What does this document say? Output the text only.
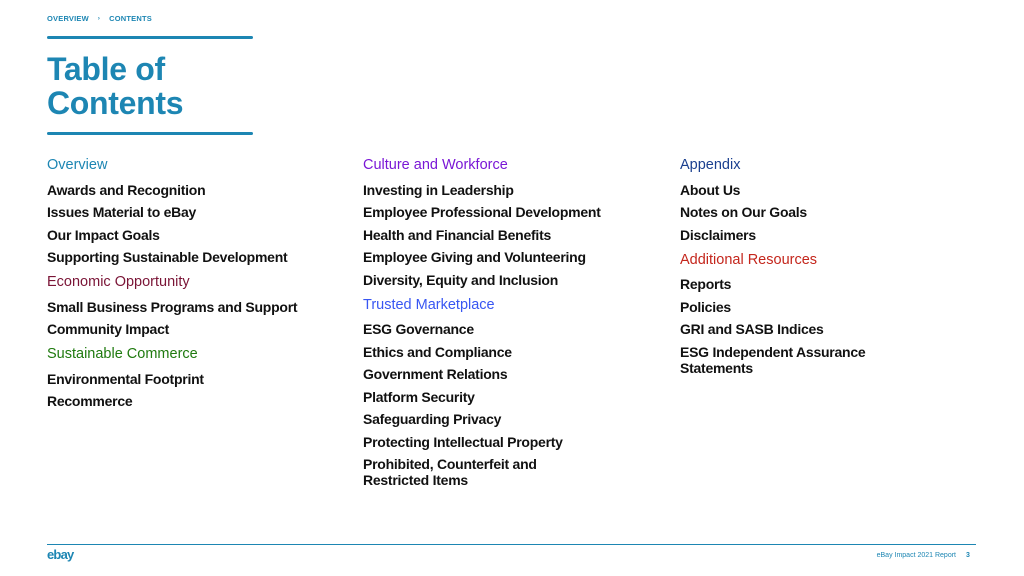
OVERVIEW › CONTENTS
Table of
Contents
Overview
Awards and Recognition
Issues Material to eBay
Our Impact Goals
Supporting Sustainable Development
Economic Opportunity
Small Business Programs and Support
Community Impact
Sustainable Commerce
Environmental Footprint
Recommerce
Culture and Workforce
Investing in Leadership
Employee Professional Development
Health and Financial Benefits
Employee Giving and Volunteering
Diversity, Equity and Inclusion
Trusted Marketplace
ESG Governance
Ethics and Compliance
Government Relations
Platform Security
Safeguarding Privacy
Protecting Intellectual Property
Prohibited, Counterfeit and Restricted Items
Appendix
About Us
Notes on Our Goals
Disclaimers
Additional Resources
Reports
Policies
GRI and SASB Indices
ESG Independent Assurance Statements
ebay	eBay Impact 2021 Report 3
